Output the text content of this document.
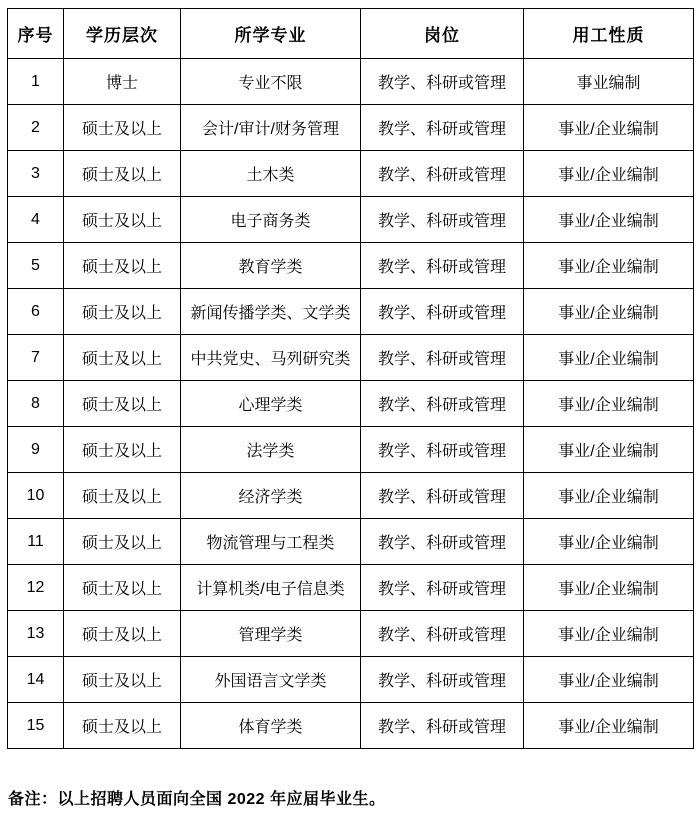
序号	学历层次	所学专业	岗位	用工性质
1	博士	专业不限	教学、科研或管理	事业编制
2	硕士及以上	会计/审计/财务管理	教学、科研或管理	事业/企业编制
3	硕士及以上	土木类	教学、科研或管理	事业/企业编制
4	硕士及以上	电子商务类	教学、科研或管理	事业/企业编制
5	硕士及以上	教育学类	教学、科研或管理	事业/企业编制
6	硕士及以上	新闻传播学类、文学类	教学、科研或管理	事业/企业编制
7	硕士及以上	中共党史、马列研究类	教学、科研或管理	事业/企业编制
8	硕士及以上	心理学类	教学、科研或管理	事业/企业编制
9	硕士及以上	法学类	教学、科研或管理	事业/企业编制
10	硕士及以上	经济学类	教学、科研或管理	事业/企业编制
11	硕士及以上	物流管理与工程类	教学、科研或管理	事业/企业编制
12	硕士及以上	计算机类/电子信息类	教学、科研或管理	事业/企业编制
13	硕士及以上	管理学类	教学、科研或管理	事业/企业编制
14	硕士及以上	外国语言文学类	教学、科研或管理	事业/企业编制
15	硕士及以上	体育学类	教学、科研或管理	事业/企业编制
备注：以上招聘人员面向全国 2022 年应届毕业生。
